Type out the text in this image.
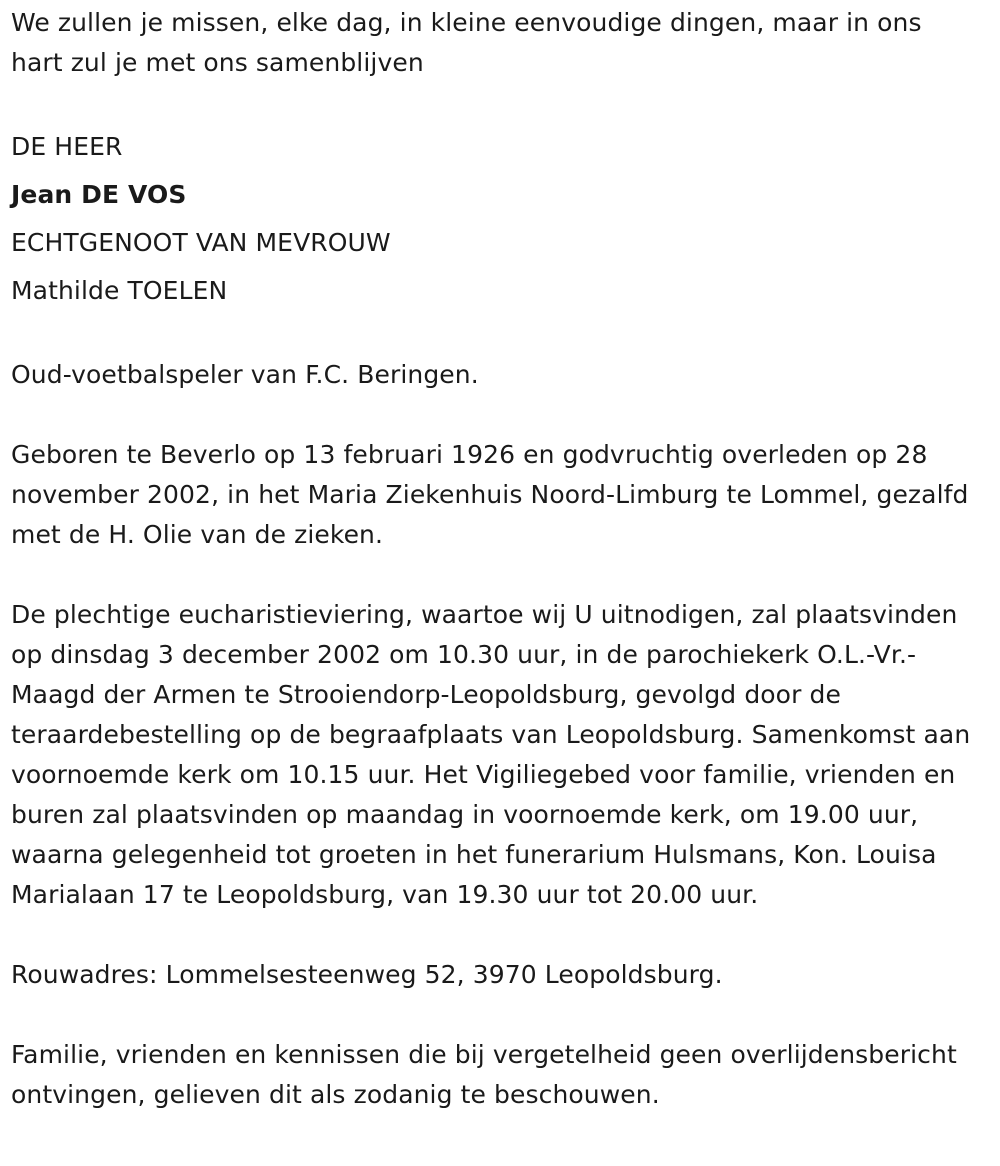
We zullen je missen, elke dag, in kleine eenvoudige dingen, maar in ons hart zul je met ons samenblijven

DE HEER
Jean DE VOS
ECHTGENOOT VAN MEVROUW
Mathilde TOELEN

Oud-voetbalspeler van F.C. Beringen.

Geboren te Beverlo op 13 februari 1926 en godvruchtig overleden op 28 november 2002, in het Maria Ziekenhuis Noord-Limburg te Lommel, gezalfd met de H. Olie van de zieken.

De plechtige eucharistieviering, waartoe wij U uitnodigen, zal plaatsvinden op dinsdag 3 december 2002 om 10.30 uur, in de parochiekerk O.L.-Vr.-Maagd der Armen te Strooiendorp-Leopoldsburg, gevolgd door de teraardebestelling op de begraafplaats van Leopoldsburg. Samenkomst aan voornoemde kerk om 10.15 uur. Het Vigiliegebed voor familie, vrienden en buren zal plaatsvinden op maandag in voornoemde kerk, om 19.00 uur, waarna gelegenheid tot groeten in het funerarium Hulsmans, Kon. Louisa Marialaan 17 te Leopoldsburg, van 19.30 uur tot 20.00 uur.

Rouwadres: Lommelsesteenweg 52, 3970 Leopoldsburg.

Familie, vrienden en kennissen die bij vergetelheid geen overlijdensbericht ontvingen, gelieven dit als zodanig te beschouwen.
